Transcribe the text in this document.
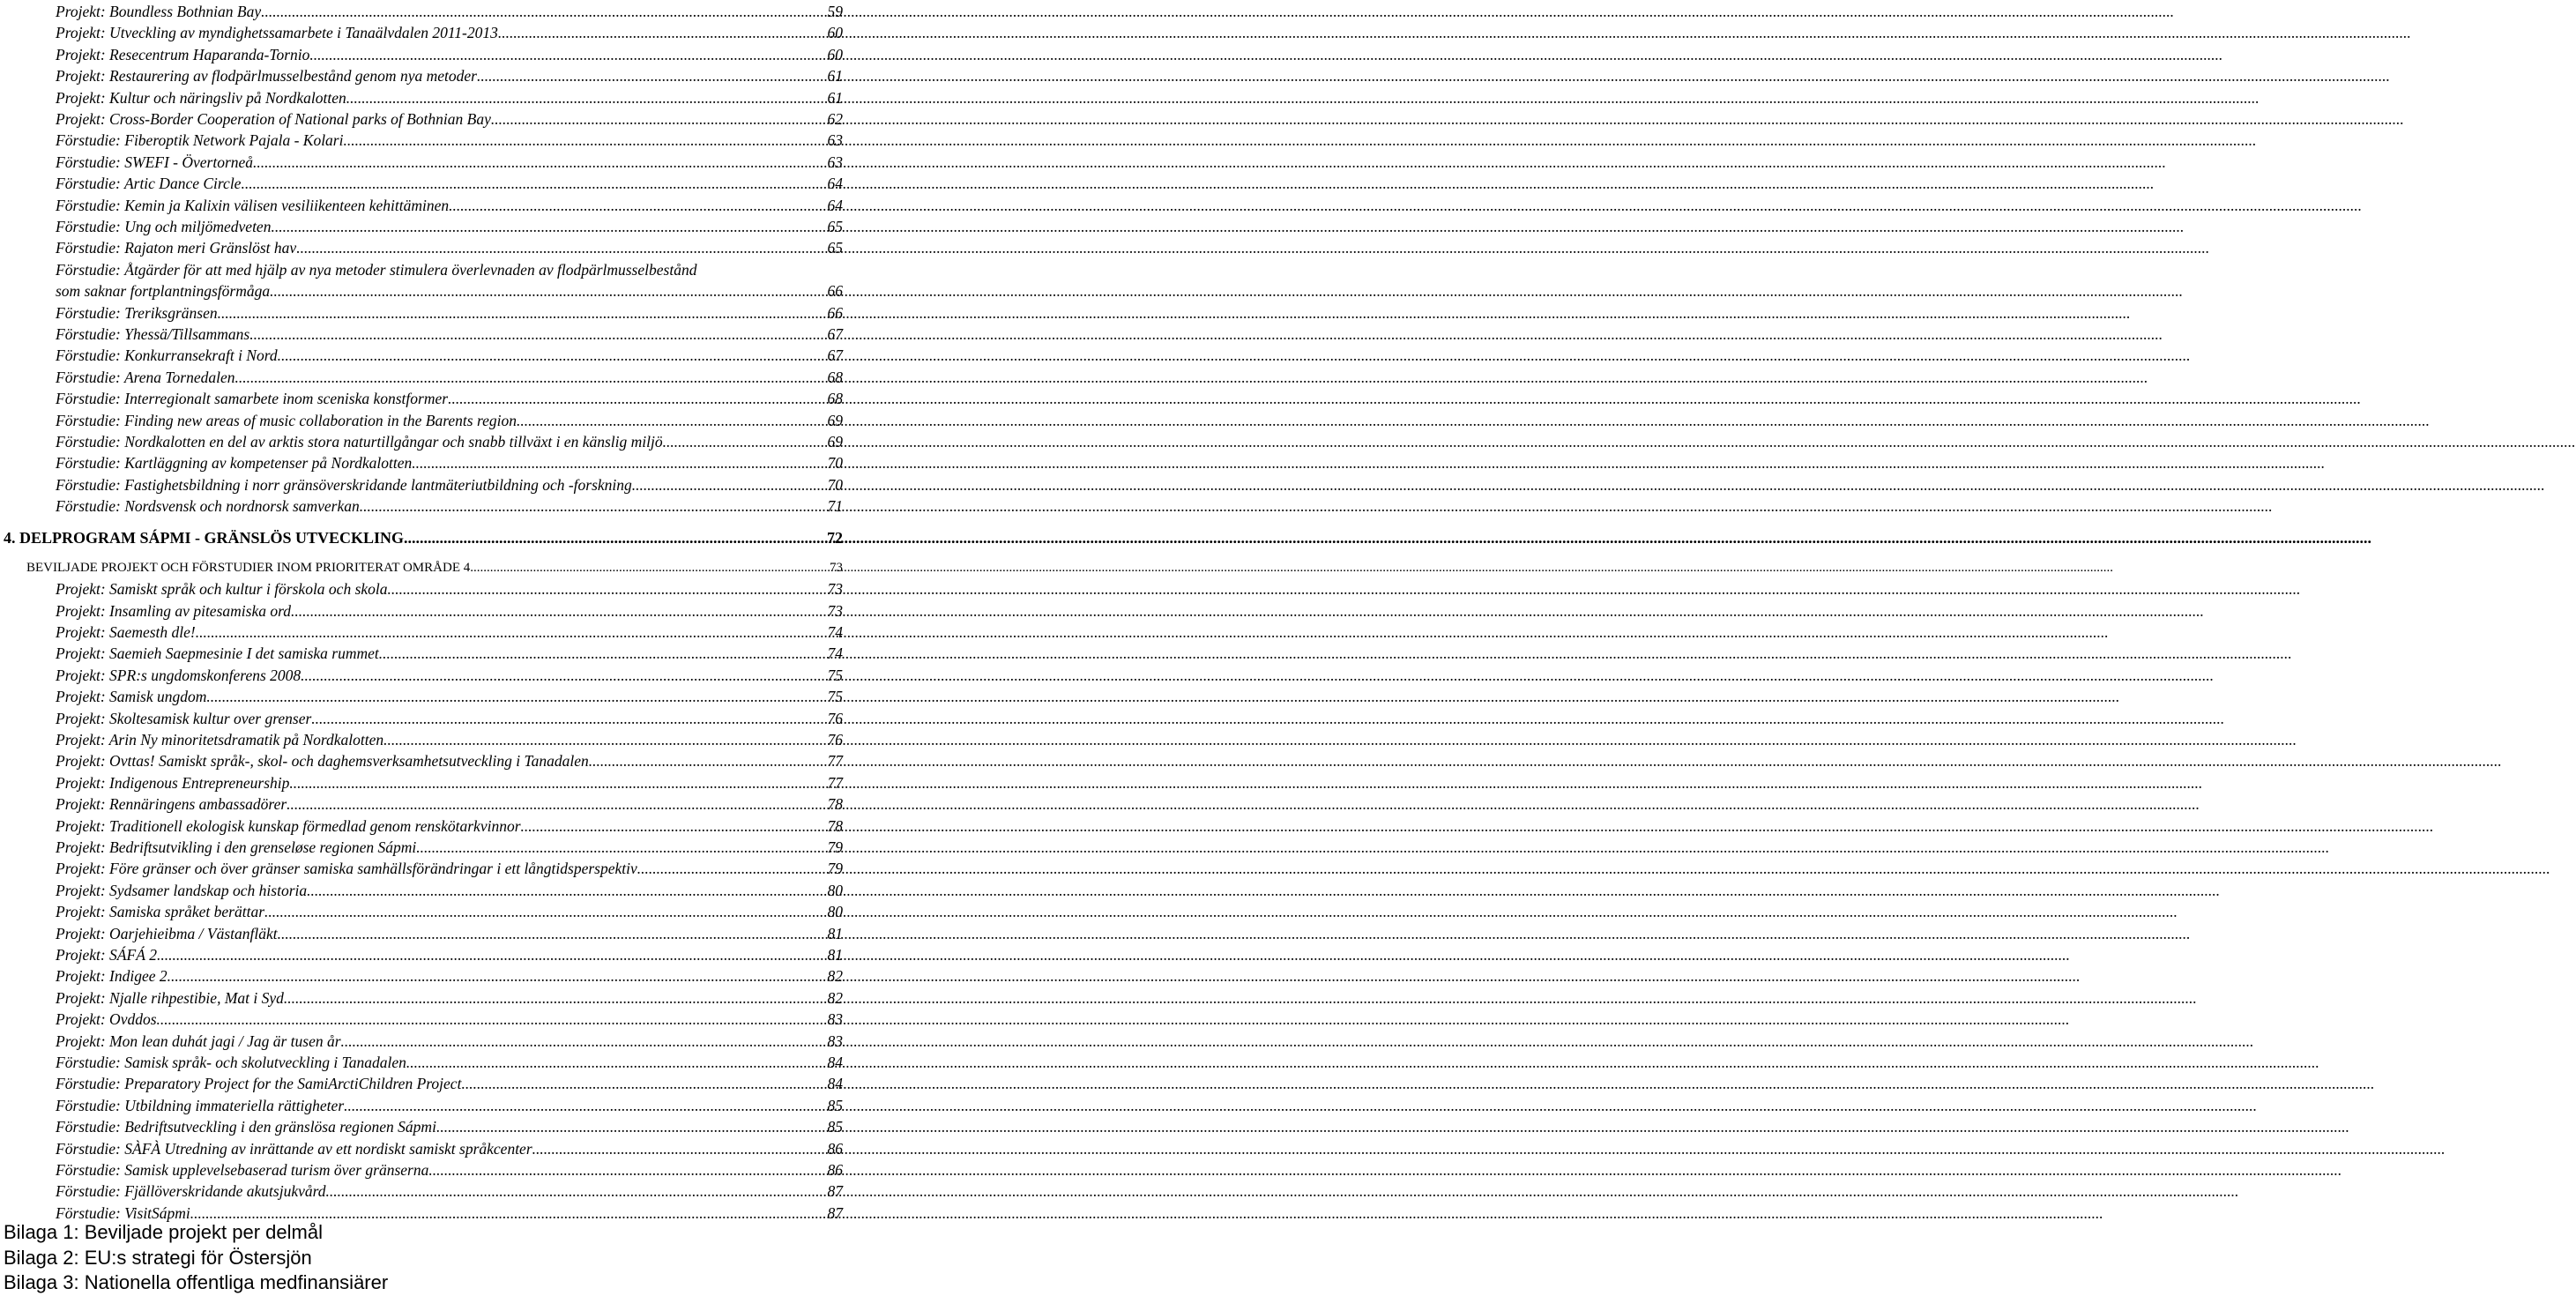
Projekt: Boundless Bothnian Bay .....	59
Projekt: Utveckling av myndighetssamarbete i Tanaälvdalen 2011-2013 .....	60
Projekt: Resecentrum Haparanda-Tornio .....	60
Projekt: Restaurering av flodpärlmusselbestånd genom nya metoder .....	61
Projekt: Kultur och näringsliv på Nordkalotten .....	61
Projekt: Cross-Border Cooperation of National parks of Bothnian Bay .....	62
Förstudie: Fiberoptik Network Pajala - Kolari .....	63
Förstudie: SWEFI - Övertorneå .....	63
Förstudie: Artic Dance Circle .....	64
Förstudie: Kemin ja Kalixin välisen vesiliikenteen kehittäminen .....	64
Förstudie: Ung och miljömedveten .....	65
Förstudie: Rajaton meri Gränslöst hav .....	65
Förstudie: Åtgärder för att med hjälp av nya metoder stimulera överlevnaden av flodpärlmusselbestånd
som saknar fortplantningsförmåga .....	66
Förstudie: Treriksgränsen .....	66
Förstudie: Yhessä/Tillsammans .....	67
Förstudie: Konkurransekraft i Nord .....	67
Förstudie: Arena Tornedalen .....	68
Förstudie: Interregionalt samarbete inom sceniska konstformer .....	68
Förstudie: Finding new areas of music collaboration in the Barents region .....	69
Förstudie: Nordkalotten en del av arktis stora naturtillgångar och snabb tillväxt i en känslig miljö .....	69
Förstudie: Kartläggning av kompetenser på Nordkalotten .....	70
Förstudie: Fastighetsbildning i norr gränsöverskridande lantmäteriutbildning och -forskning .....	70
Förstudie: Nordsvensk och nordnorsk samverkan .....	71
4. DELPROGRAM SÁPMI - GRÄNSLÖS UTVECKLING .....	72
BEVILJADE PROJEKT OCH FÖRSTUDIER INOM PRIORITERAT OMRÅDE 4. .....	73
Projekt: Samiskt språk och kultur i förskola och skola .....	73
Projekt: Insamling av pitesamiska ord .....	73
Projekt: Saemesth dle! .....	74
Projekt: Saemieh Saepmesinie I det samiska rummet .....	74
Projekt: SPR:s ungdomskonferens 2008 .....	75
Projekt: Samisk ungdom .....	75
Projekt: Skoltesamisk kultur over grenser .....	76
Projekt: Arin Ny minoritetsdramatik på Nordkalotten .....	76
Projekt: Ovttas! Samiskt språk-, skol- och daghemsverksamhetsutveckling i Tanadalen .....	77
Projekt: Indigenous Entrepreneurship .....	77
Projekt: Rennäringens ambassadörer .....	78
Projekt: Traditionell ekologisk kunskap förmedlad genom renskötarkvinnor .....	78
Projekt: Bedriftsutvikling i den grenseløse regionen Sápmi .....	79
Projekt: Före gränser och över gränser samiska samhällsförändringar i ett långtidsperspektiv .....	79
Projekt: Sydsamer landskap och historia .....	80
Projekt: Samiska språket berättar .....	80
Projekt: Oarjehieibma / Västanfläkt .....	81
Projekt: SÁFÁ 2 .....	81
Projekt: Indigee 2 .....	82
Projekt: Njalle rihpestibie, Mat i Syd .....	82
Projekt: Ovddos .....	83
Projekt: Mon lean duhát jagi / Jag är tusen år .....	83
Förstudie: Samisk språk- och skolutveckling i Tanadalen .....	84
Förstudie: Preparatory Project for the SamiArctiChildren Project .....	84
Förstudie: Utbildning immateriella rättigheter .....	85
Förstudie: Bedriftsutveckling i den gränslösa regionen Sápmi .....	85
Förstudie: SÀFÀ Utredning av inrättande av ett nordiskt samiskt språkcenter .....	86
Förstudie: Samisk upplevelsebaserad turism över gränserna .....	86
Förstudie: Fjällöverskridande akutsjukvård .....	87
Förstudie: VisitSápmi .....	87
Bilaga 1: Beviljade projekt per delmål
Bilaga 2: EU:s strategi för Östersjön
Bilaga 3: Nationella offentliga medfinansiärer
